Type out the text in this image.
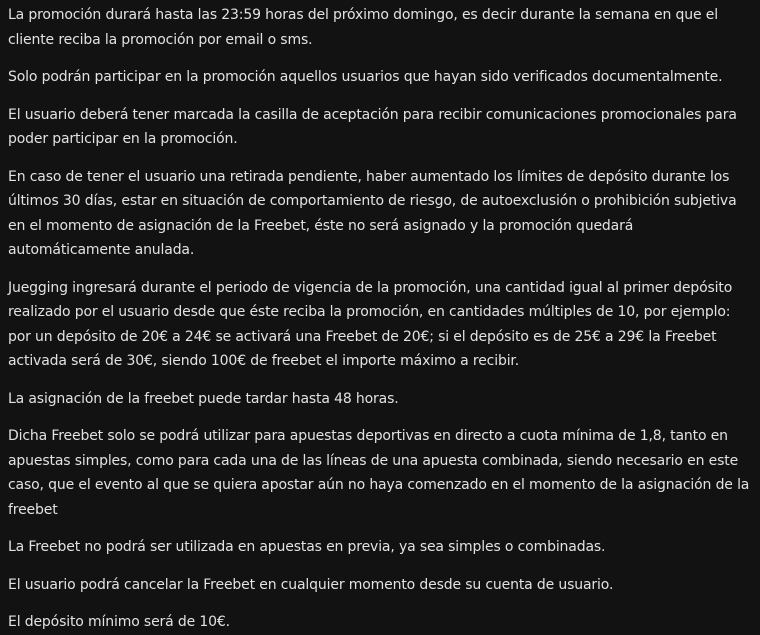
La promoción durará hasta las 23:59 horas del próximo domingo, es decir durante la semana en que el cliente reciba la promoción por email o sms.

Solo podrán participar en la promoción aquellos usuarios que hayan sido verificados documentalmente.

El usuario deberá tener marcada la casilla de aceptación para recibir comunicaciones promocionales para poder participar en la promoción.

En caso de tener el usuario una retirada pendiente, haber aumentado los límites de depósito durante los últimos 30 días, estar en situación de comportamiento de riesgo, de autoexclusión o prohibición subjetiva en el momento de asignación de la Freebet, éste no será asignado y la promoción quedará automáticamente anulada.

Juegging ingresará durante el periodo de vigencia de la promoción, una cantidad igual al primer depósito realizado por el usuario desde que éste reciba la promoción, en cantidades múltiples de 10, por ejemplo: por un depósito de 20€ a 24€ se activará una Freebet de 20€; si el depósito es de 25€ a 29€ la Freebet activada será de 30€, siendo 100€ de freebet el importe máximo a recibir.

La asignación de la freebet puede tardar hasta 48 horas.

Dicha Freebet solo se podrá utilizar para apuestas deportivas en directo a cuota mínima de 1,8, tanto en apuestas simples, como para cada una de las líneas de una apuesta combinada, siendo necesario en este caso, que el evento al que se quiera apostar aún no haya comenzado en el momento de la asignación de la freebet

La Freebet no podrá ser utilizada en apuestas en previa, ya sea simples o combinadas.

El usuario podrá cancelar la Freebet en cualquier momento desde su cuenta de usuario.

El depósito mínimo será de 10€.
